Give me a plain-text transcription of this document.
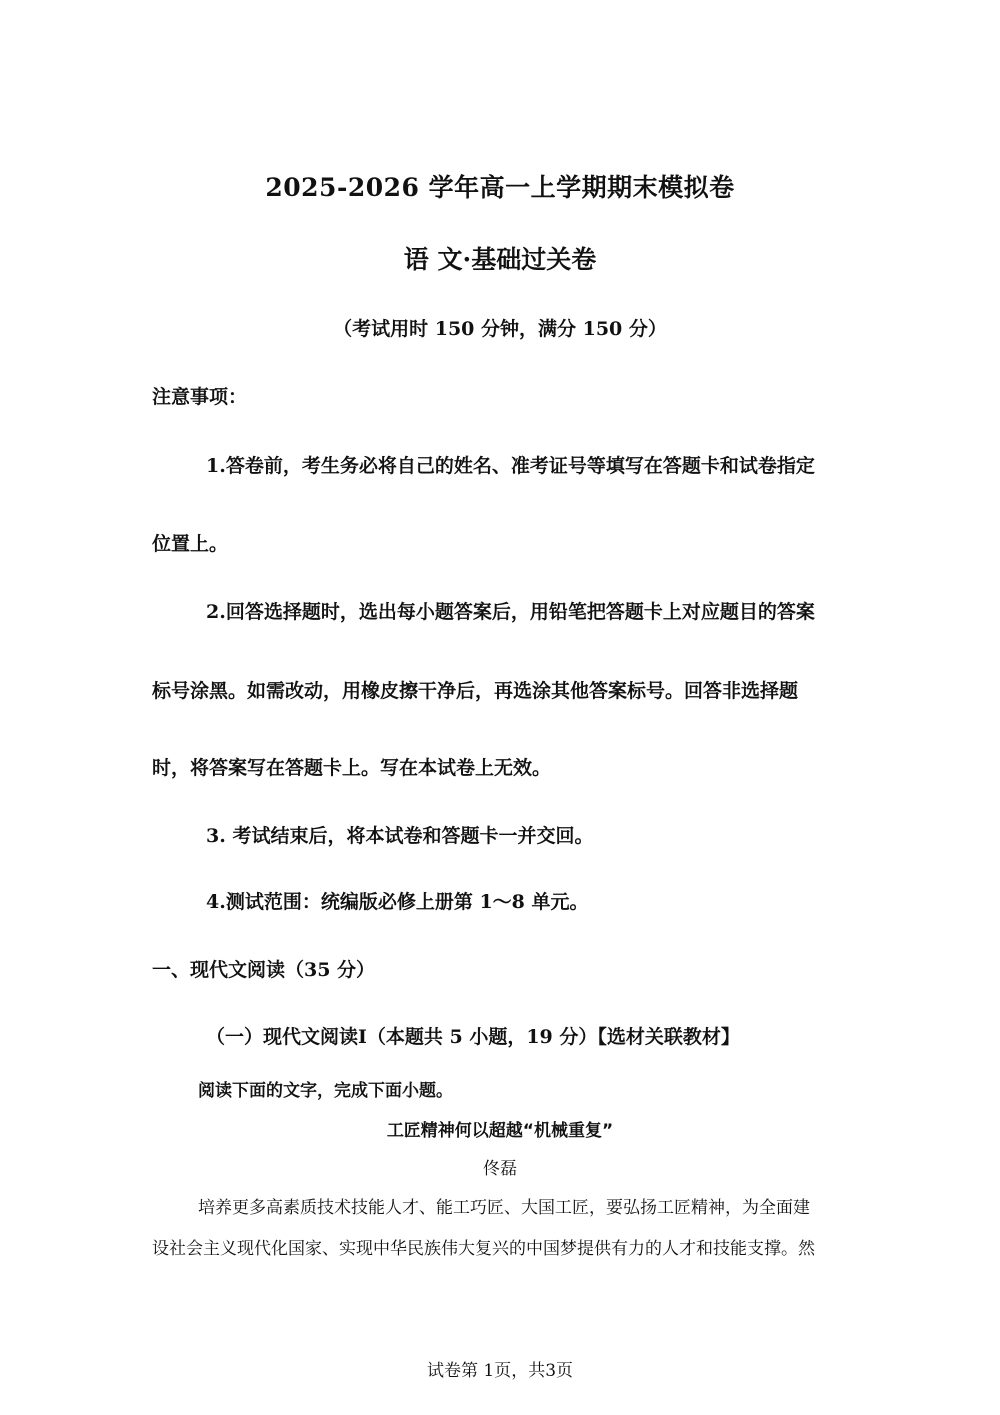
2025-2026 学年高一上学期期末模拟卷
语 文·基础过关卷
（考试用时 150 分钟，满分 150 分）
注意事项：
1.答卷前，考生务必将自己的姓名、准考证号等填写在答题卡和试卷指定
位置上。
2.回答选择题时，选出每小题答案后，用铅笔把答题卡上对应题目的答案
标号涂黑。如需改动，用橡皮擦干净后，再选涂其他答案标号。回答非选择题
时，将答案写在答题卡上。写在本试卷上无效。
3. 考试结束后，将本试卷和答题卡一并交回。
4.测试范围：统编版必修上册第 1～8 单元。
一、现代文阅读（35 分）
（一）现代文阅读Ⅰ（本题共 5 小题，19 分）【选材关联教材】
阅读下面的文字，完成下面小题。
工匠精神何以超越“机械重复”
佟磊
培养更多高素质技术技能人才、能工巧匠、大国工匠，要弘扬工匠精神，为全面建
设社会主义现代化国家、实现中华民族伟大复兴的中国梦提供有力的人才和技能支撑。然
试卷第 1页，共3页
